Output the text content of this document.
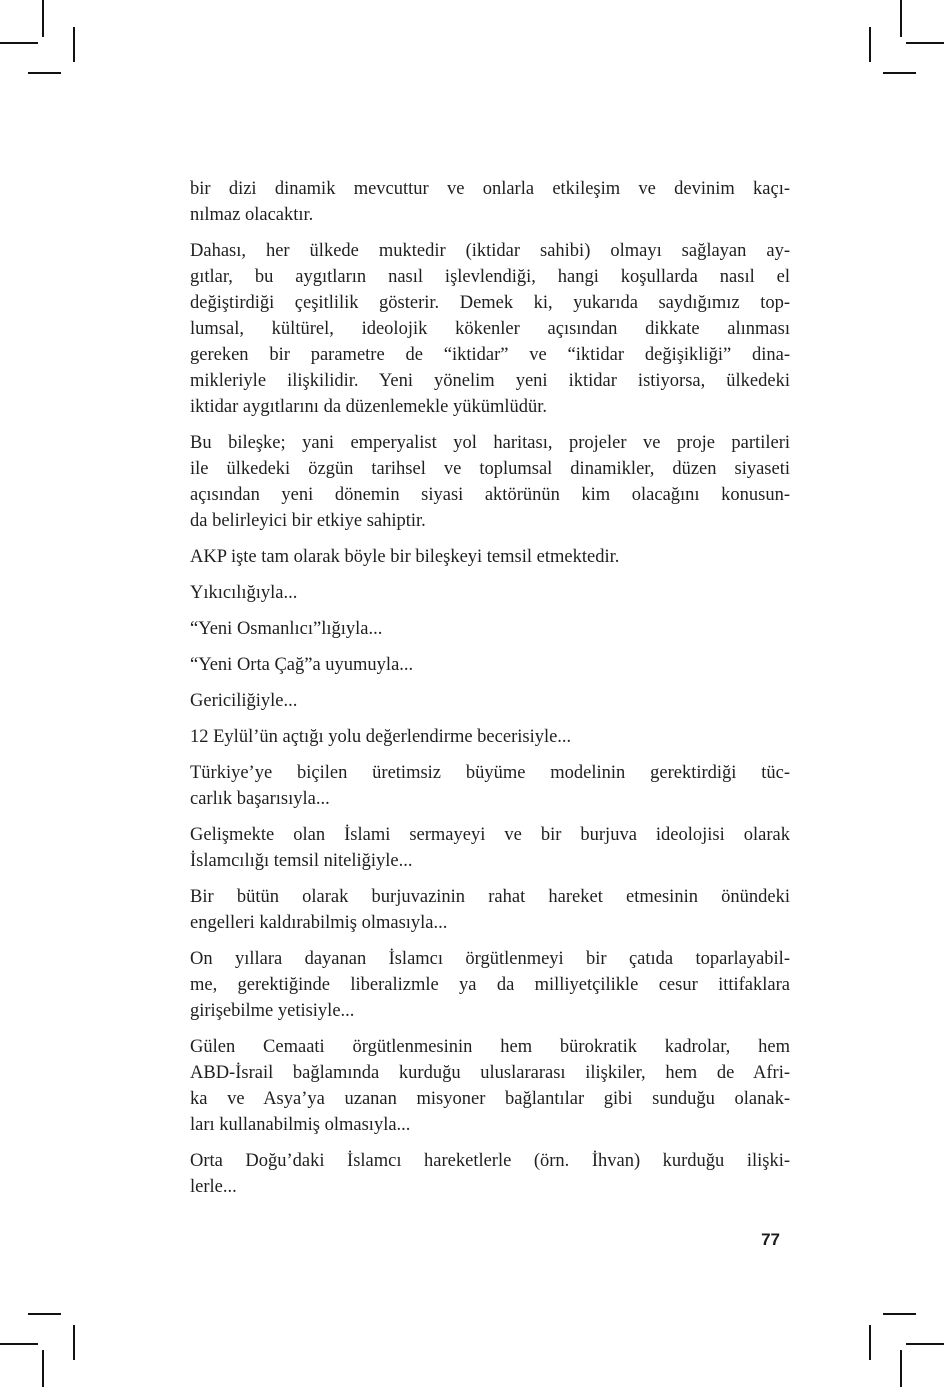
bir dizi dinamik mevcuttur ve onlarla etkileşim ve devinim kaçı-
nılmaz olacaktır.
Dahası, her ülkede muktedir (iktidar sahibi) olmayı sağlayan ay-
gıtlar, bu aygıtların nasıl işlevlendiği, hangi koşullarda nasıl el
değiştirdiği çeşitlilik gösterir. Demek ki, yukarıda saydığımız top-
lumsal, kültürel, ideolojik kökenler açısından dikkate alınması
gereken bir parametre de “iktidar” ve “iktidar değişikliği” dina-
mikleriyle ilişkilidir. Yeni yönelim yeni iktidar istiyorsa, ülkedeki
iktidar aygıtlarını da düzenlemekle yükümlüdür.
Bu bileşke; yani emperyalist yol haritası, projeler ve proje partileri
ile ülkedeki özgün tarihsel ve toplumsal dinamikler, düzen siyaseti
açısından yeni dönemin siyasi aktörünün kim olacağını konusun-
da belirleyici bir etkiye sahiptir.
AKP işte tam olarak böyle bir bileşkeyi temsil etmektedir.
Yıkıcılığıyla...
“Yeni Osmanlıcı”lığıyla...
“Yeni Orta Çağ”a uyumuyla...
Gericiliğiyle...
12 Eylül’ün açtığı yolu değerlendirme becerisiyle...
Türkiye’ye biçilen üretimsiz büyüme modelinin gerektirdiği tüc-
carlık başarısıyla...
Gelişmekte olan İslami sermayeyi ve bir burjuva ideolojisi olarak
İslamcılığı temsil niteliğiyle...
Bir bütün olarak burjuvazinin rahat hareket etmesinin önündeki
engelleri kaldırabilmiş olmasıyla...
On yıllara dayanan İslamcı örgütlenmeyi bir çatıda toparlayabil-
me, gerektiğinde liberalizmle ya da milliyetçilikle cesur ittifaklara
girişebilme yetisiyle...
Gülen Cemaati örgütlenmesinin hem bürokratik kadrolar, hem
ABD-İsrail bağlamında kurduğu uluslararası ilişkiler, hem de Afri-
ka ve Asya’ya uzanan misyoner bağlantılar gibi sunduğu olanak-
ları kullanabilmiş olmasıyla...
Orta Doğu’daki İslamcı hareketlerle (örn. İhvan) kurduğu ilişki-
lerle...
77
